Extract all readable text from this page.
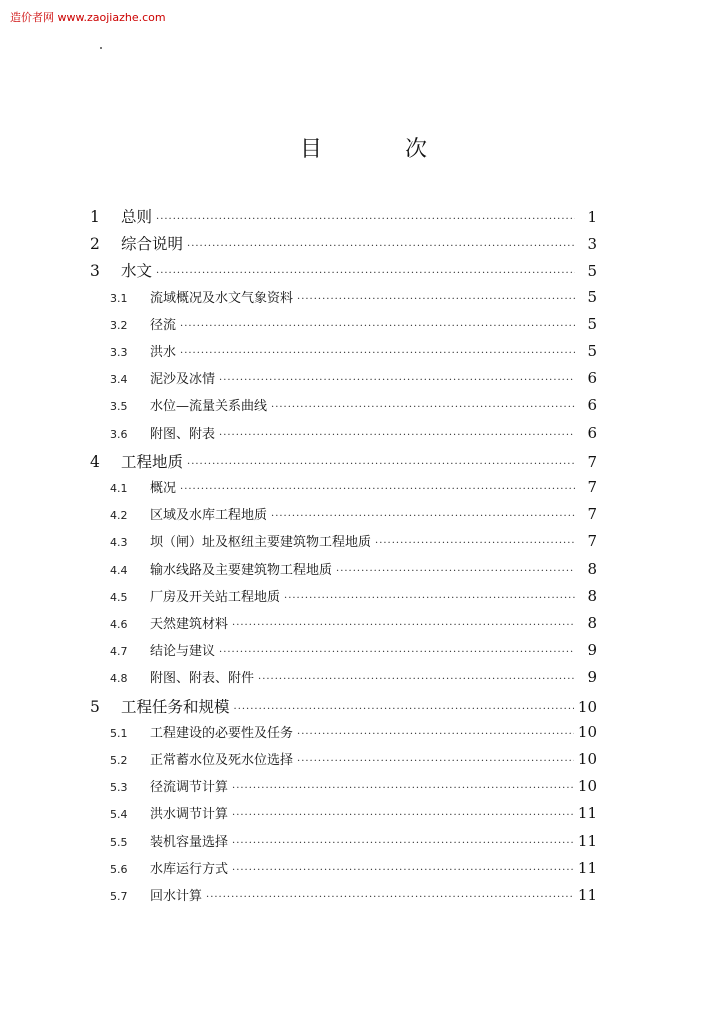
造价者网 www.zaojiazhe.com
目 次
1	总则 ·····	1
2	综合说明 ·····	3
3	水文 ·····	5
3.1	流域概况及水文气象资料 ·····	5
3.2	径流 ·····	5
3.3	洪水 ·····	5
3.4	泥沙及冰情 ·····	6
3.5	水位—流量关系曲线 ·····	6
3.6	附图、附表 ·····	6
4	工程地质 ·····	7
4.1	概况 ·····	7
4.2	区域及水库工程地质 ·····	7
4.3	坝（闸）址及枢纽主要建筑物工程地质 ·····	7
4.4	输水线路及主要建筑物工程地质 ·····	8
4.5	厂房及开关站工程地质 ·····	8
4.6	天然建筑材料 ·····	8
4.7	结论与建议 ·····	9
4.8	附图、附表、附件 ·····	9
5	工程任务和规模 ·····	10
5.1	工程建设的必要性及任务 ·····	10
5.2	正常蓄水位及死水位选择 ·····	10
5.3	径流调节计算 ·····	10
5.4	洪水调节计算 ·····	11
5.5	装机容量选择 ·····	11
5.6	水库运行方式 ·····	11
5.7	回水计算 ·····	11
